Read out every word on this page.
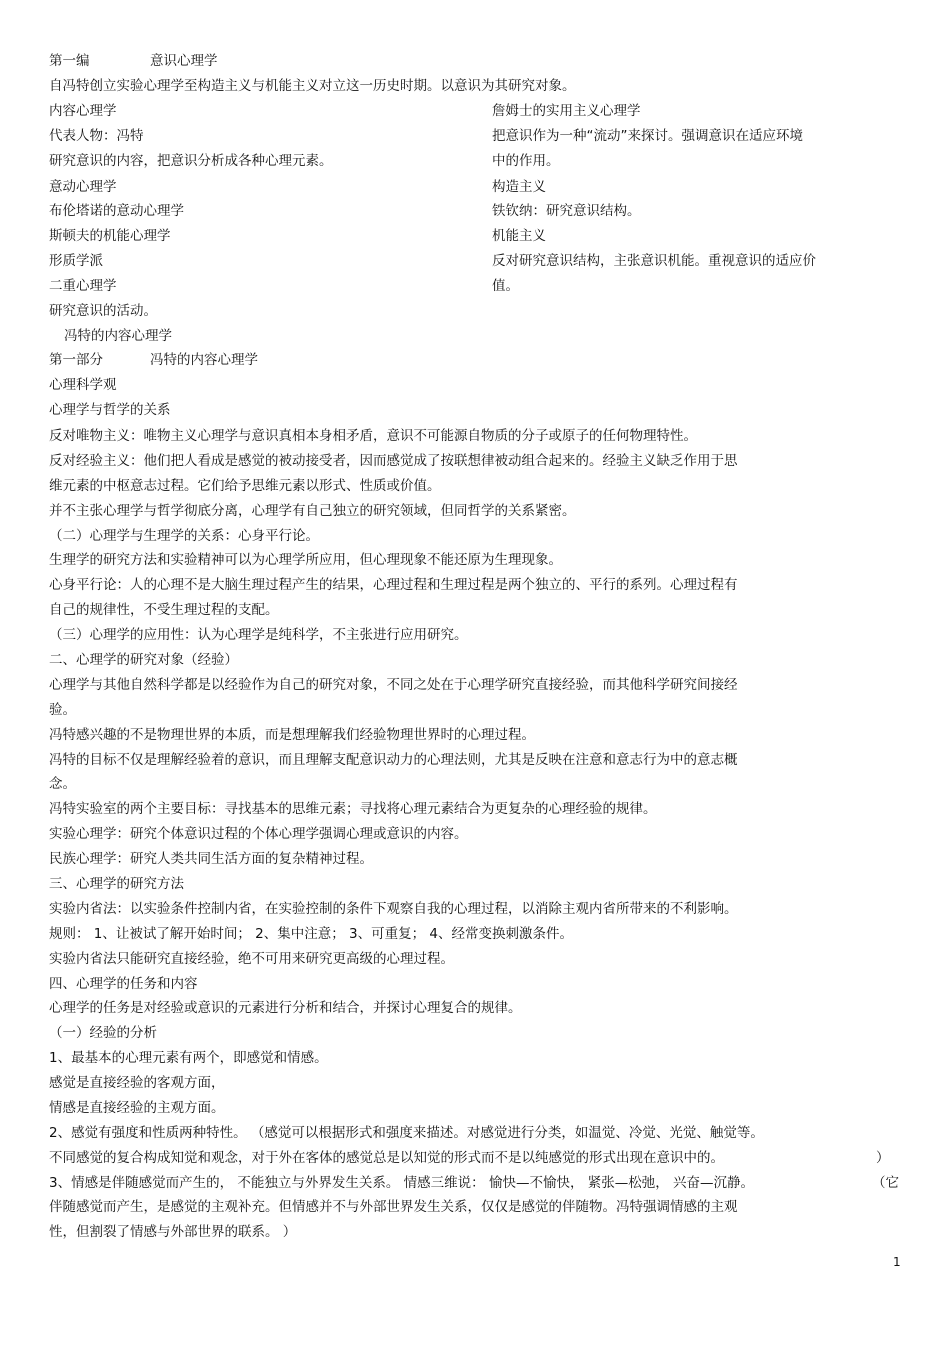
第一编	意识心理学
自冯特创立实验心理学至构造主义与机能主义对立这一历史时期。以意识为其研究对象。
内容心理学
代表人物：冯特
研究意识的内容，把意识分析成各种心理元素。
意动心理学
布伦塔诺的意动心理学
斯顿夫的机能心理学
形质学派
二重心理学
研究意识的活动。
詹姆士的实用主义心理学
把意识作为一种“流动”来探讨。强调意识在适应环境
中的作用。
构造主义
铁钦纳：研究意识结构。
机能主义
反对研究意识结构，主张意识机能。重视意识的适应价
值。
冯特的内容心理学
第一部分	冯特的内容心理学
心理科学观
心理学与哲学的关系
反对唯物主义：唯物主义心理学与意识真相本身相矛盾，意识不可能源自物质的分子或原子的任何物理特性。
反对经验主义：他们把人看成是感觉的被动接受者，因而感觉成了按联想律被动组合起来的。经验主义缺乏作用于思
维元素的中枢意志过程。它们给予思维元素以形式、性质或价值。
并不主张心理学与哲学彻底分离，心理学有自己独立的研究领域，但同哲学的关系紧密。
（二）心理学与生理学的关系：心身平行论。
生理学的研究方法和实验精神可以为心理学所应用，但心理现象不能还原为生理现象。
心身平行论：人的心理不是大脑生理过程产生的结果，心理过程和生理过程是两个独立的、平行的系列。心理过程有
自己的规律性，不受生理过程的支配。
（三）心理学的应用性：认为心理学是纯科学，不主张进行应用研究。
二、心理学的研究对象（经验）
心理学与其他自然科学都是以经验作为自己的研究对象，不同之处在于心理学研究直接经验，而其他科学研究间接经
验。
冯特感兴趣的不是物理世界的本质，而是想理解我们经验物理世界时的心理过程。
冯特的目标不仅是理解经验着的意识，而且理解支配意识动力的心理法则，尤其是反映在注意和意志行为中的意志概
念。
冯特实验室的两个主要目标：寻找基本的思维元素；寻找将心理元素结合为更复杂的心理经验的规律。
实验心理学：研究个体意识过程的个体心理学强调心理或意识的内容。
民族心理学：研究人类共同生活方面的复杂精神过程。
三、心理学的研究方法
实验内省法：以实验条件控制内省，在实验控制的条件下观察自我的心理过程，以消除主观内省所带来的不利影响。
规则： 1、让被试了解开始时间； 2、集中注意； 3、可重复； 4、经常变换刺激条件。
实验内省法只能研究直接经验，绝不可用来研究更高级的心理过程。
四、心理学的任务和内容
心理学的任务是对经验或意识的元素进行分析和结合，并探讨心理复合的规律。
（一）经验的分析
1、最基本的心理元素有两个，即感觉和情感。
感觉是直接经验的客观方面，
情感是直接经验的主观方面。
2、感觉有强度和性质两种特性。 （感觉可以根据形式和强度来描述。对感觉进行分类，如温觉、冷觉、光觉、触觉等。
不同感觉的复合构成知觉和观念，对于外在客体的感觉总是以知觉的形式而不是以纯感觉的形式出现在意识中的。	）
3、情感是伴随感觉而产生的， 不能独立与外界发生关系。 情感三维说： 愉快—不愉快， 紧张—松弛， 兴奋—沉静。	（它
伴随感觉而产生，是感觉的主观补充。但情感并不与外部世界发生关系，仅仅是感觉的伴随物。冯特强调情感的主观
性，但割裂了情感与外部世界的联系。 ）
1
